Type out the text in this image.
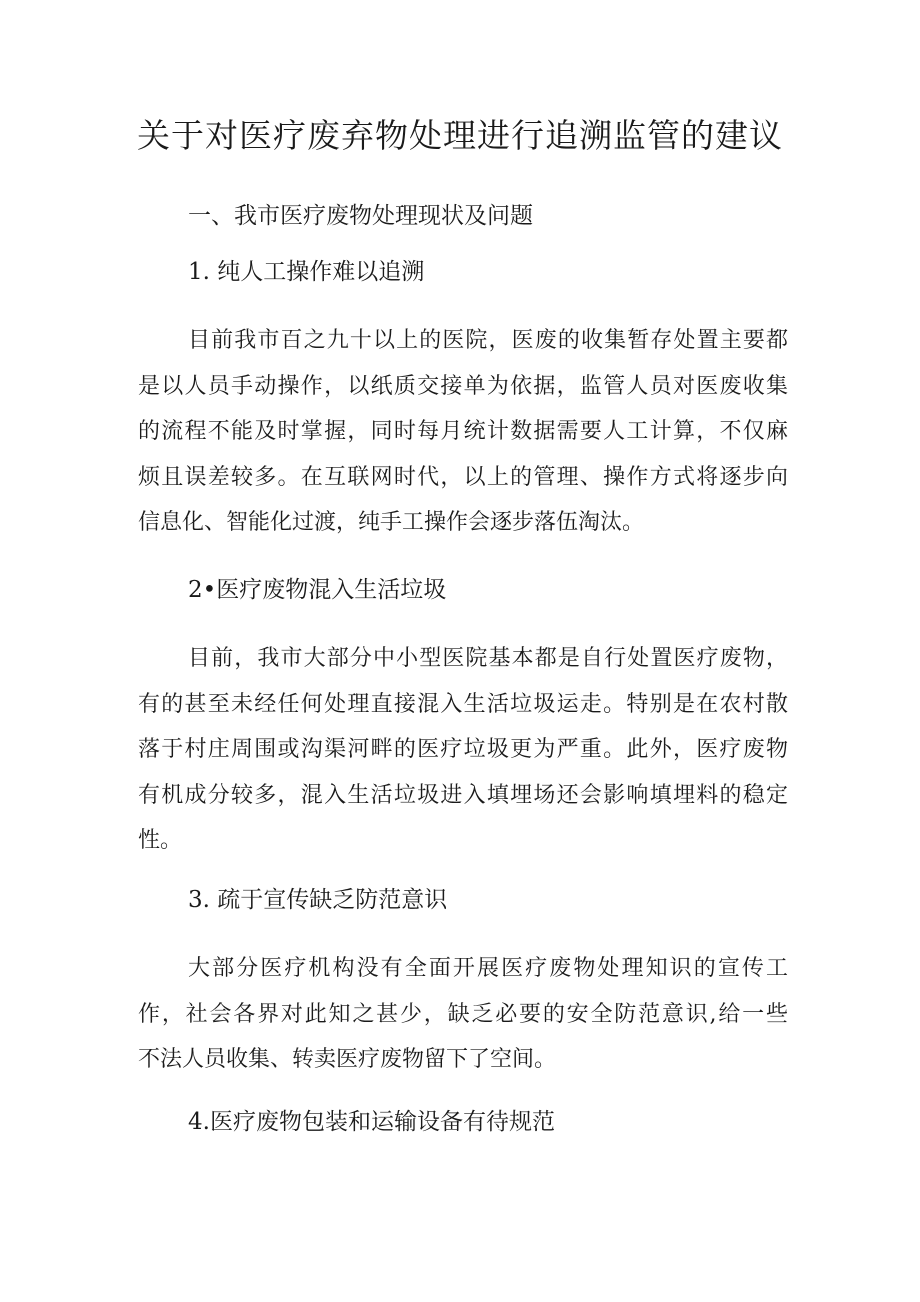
关于对医疗废弃物处理进行追溯监管的建议
一、我市医疗废物处理现状及问题
1. 纯人工操作难以追溯
目前我市百之九十以上的医院，医废的收集暂存处置主要都
是以人员手动操作，以纸质交接单为依据，监管人员对医废收集
的流程不能及时掌握，同时每月统计数据需要人工计算，不仅麻
烦且误差较多。在互联网时代，以上的管理、操作方式将逐步向
信息化、智能化过渡，纯手工操作会逐步落伍淘汰。
2•医疗废物混入生活垃圾
目前，我市大部分中小型医院基本都是自行处置医疗废物，
有的甚至未经任何处理直接混入生活垃圾运走。特别是在农村散
落于村庄周围或沟渠河畔的医疗垃圾更为严重。此外，医疗废物
有机成分较多，混入生活垃圾进入填埋场还会影响填埋料的稳定
性。
3. 疏于宣传缺乏防范意识
大部分医疗机构没有全面开展医疗废物处理知识的宣传工
作，社会各界对此知之甚少，缺乏必要的安全防范意识,给一些
不法人员收集、转卖医疗废物留下了空间。
4.医疗废物包装和运输设备有待规范
